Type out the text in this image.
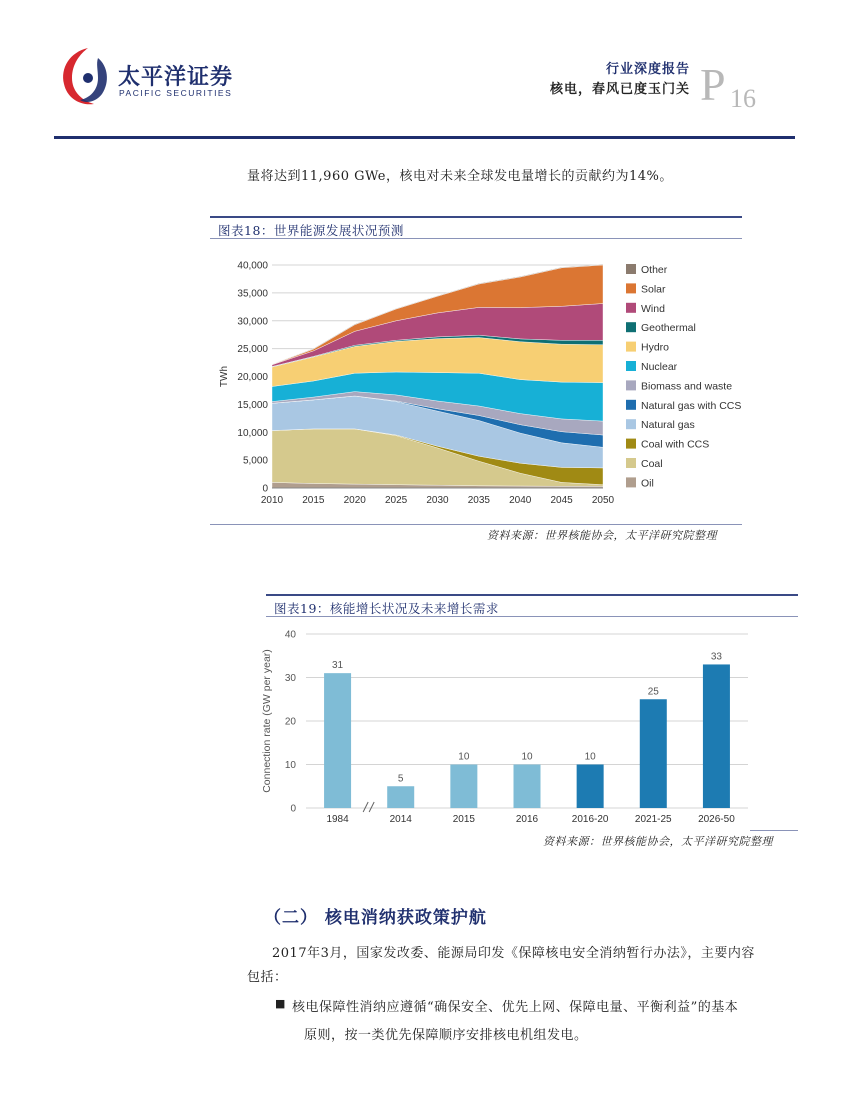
太平洋证券
PACIFIC SECURITIES
行业深度报告
核电，春风已度玉门关 P 16
量将达到11,960 GWe，核电对未来全球发电量增长的贡献约为14%。
图表18：世界能源发展状况预测
0
5,000
10,000
15,000
20,000
25,000
30,000
35,000
40,000
2010 2015 2020 2025 2030 2035 2040 2045 2050
TWh
Other
Solar
Wind
Geothermal
Hydro
Nuclear
Biomass and waste
Natural gas with CCS
Natural gas
Coal with CCS
Coal
Oil
资料来源：世界核能协会，太平洋研究院整理
图表19：核能增长状况及未来增长需求
31
5
10	10	10
25
33
0
10
20
30
40
Connection rate (GW per year)
1984	2014	2015	2016	2016-20	2021-25	2026-50
资料来源：世界核能协会，太平洋研究院整理
（二） 核电消纳获政策护航
2017年3月，国家发改委、能源局印发《保障核电安全消纳暂行办法》，主要内容
包括：
■ 核电保障性消纳应遵循“确保安全、优先上网、保障电量、平衡利益”的基本
原则，按一类优先保障顺序安排核电机组发电。
